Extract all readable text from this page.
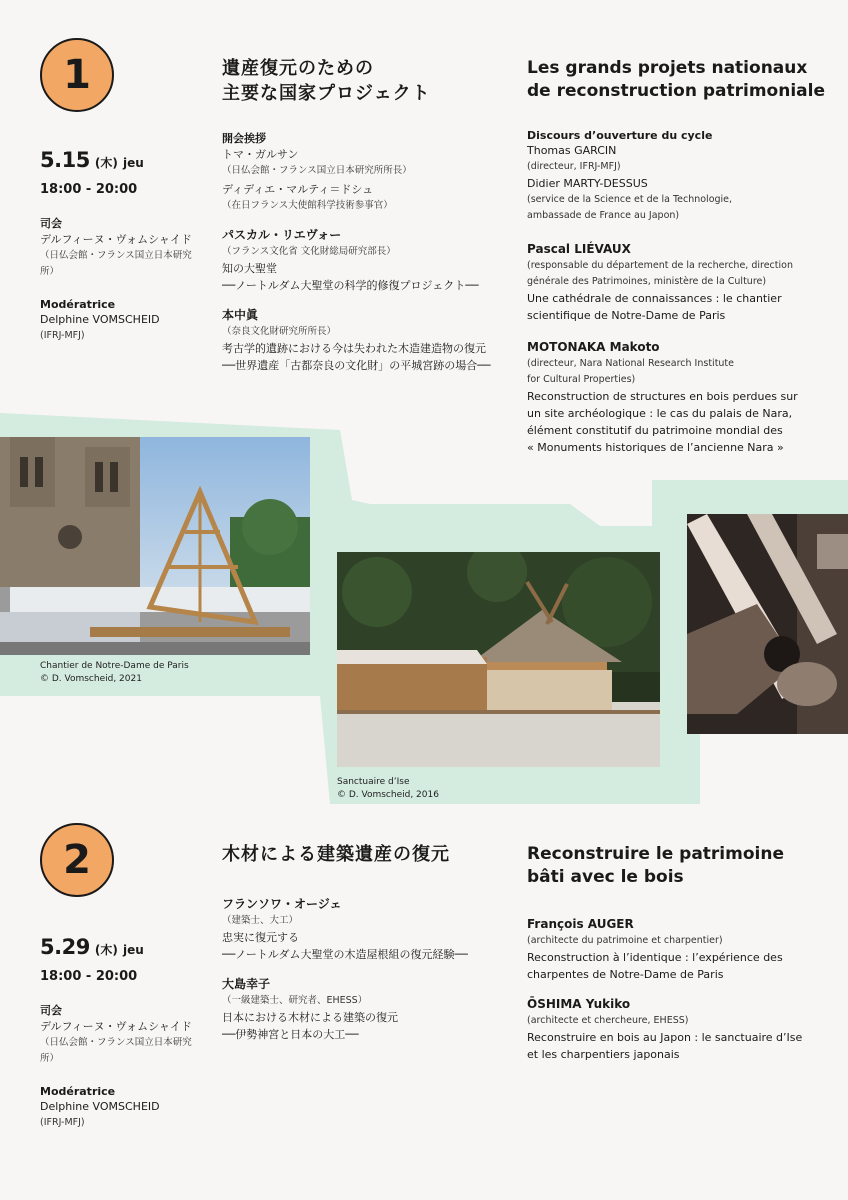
1
5.15 (木) jeu
18:00 - 20:00
司会
デルフィーヌ・ヴォムシャイド
（日仏会館・フランス国立日本研究所）
Modératrice
Delphine VOMSCHEID
(IFRJ-MFJ)
遺産復元のための
主要な国家プロジェクト
開会挨拶
トマ・ガルサン
（日仏会館・フランス国立日本研究所所長）
ディディエ・マルティ＝ドシュ
（在日フランス大使館科学技術参事官）
パスカル・リエヴォー
（フランス文化省 文化財総局研究部長）
知の大聖堂
──ノートルダム大聖堂の科学的修復プロジェクト──
本中眞
（奈良文化財研究所所長）
考古学的遺跡における今は失われた木造建造物の復元
──世界遺産「古都奈良の文化財」の平城宮跡の場合──
Les grands projets nationaux
de reconstruction patrimoniale
Discours d’ouverture du cycle
Thomas GARCIN
(directeur, IFRJ-MFJ)
Didier MARTY-DESSUS
(service de la Science et de la Technologie,
ambassade de France au Japon)
Pascal LIÉVAUX
(responsable du département de la recherche, direction
générale des Patrimoines, ministère de la Culture)
Une cathédrale de connaissances : le chantier
scientifique de Notre-Dame de Paris
MOTONAKA Makoto
(directeur, Nara National Research Institute
for Cultural Properties)
Reconstruction de structures en bois perdues sur
un site archéologique : le cas du palais de Nara,
élément constitutif du patrimoine mondial des
« Monuments historiques de l’ancienne Nara »
Chantier de Notre-Dame de Paris
© D. Vomscheid, 2021
Sanctuaire d’Ise
© D. Vomscheid, 2016
2
5.29 (木) jeu
18:00 - 20:00
司会
デルフィーヌ・ヴォムシャイド
（日仏会館・フランス国立日本研究所）
Modératrice
Delphine VOMSCHEID
(IFRJ-MFJ)
木材による建築遺産の復元
フランソワ・オージェ
（建築士、大工）
忠実に復元する
──ノートルダム大聖堂の木造屋根組の復元経験──
大島幸子
（一級建築士、研究者、EHESS）
日本における木材による建築の復元
──伊勢神宮と日本の大工──
Reconstruire le patrimoine
bâti avec le bois
François AUGER
(architecte du patrimoine et charpentier)
Reconstruction à l’identique : l’expérience des
charpentes de Notre-Dame de Paris
ŌSHIMA Yukiko
(architecte et chercheure, EHESS)
Reconstruire en bois au Japon : le sanctuaire d’Ise
et les charpentiers japonais
